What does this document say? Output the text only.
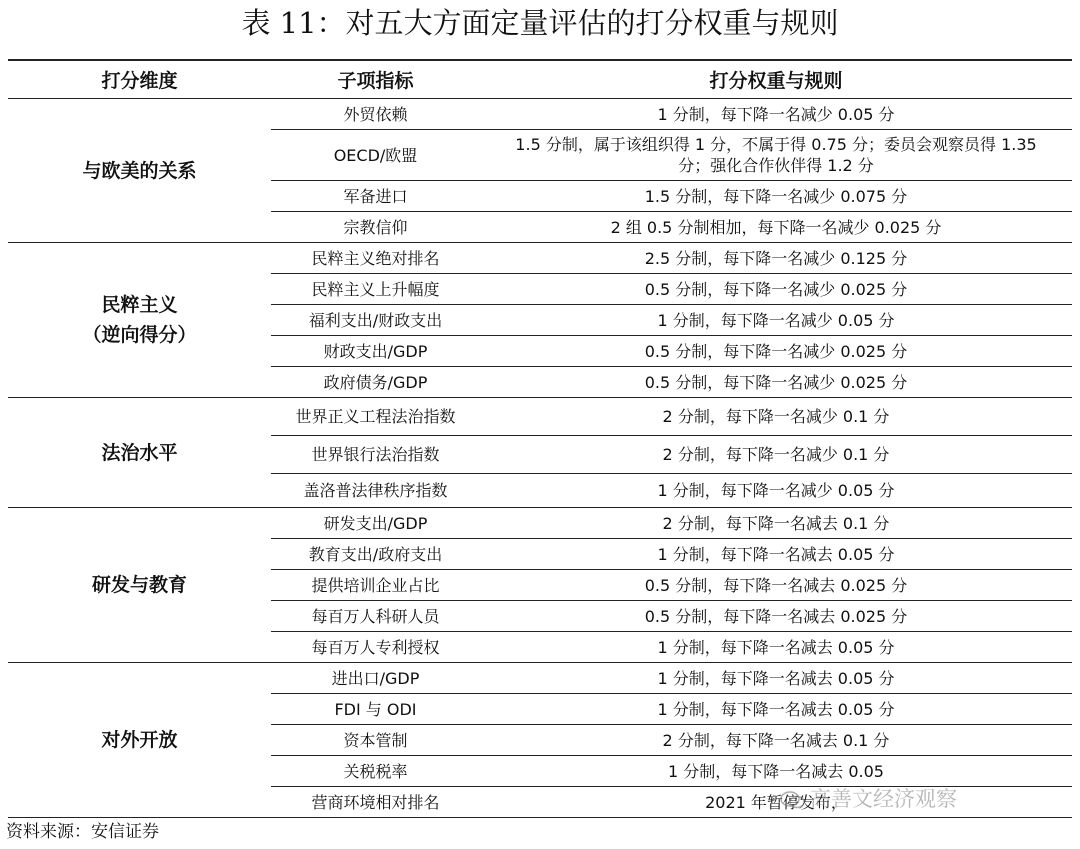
表 11：对五大方面定量评估的打分权重与规则
打分维度	子项指标	打分权重与规则

与欧美的关系	外贸依赖	1 分制，每下降一名减少 0.05 分
	OECD/欧盟	1.5 分制，属于该组织得 1 分，不属于得 0.75 分；委员会观察员得 1.35 分；强化合作伙伴得 1.2 分
	军备进口	1.5 分制，每下降一名减少 0.075 分
	宗教信仰	2 组 0.5 分制相加，每下降一名减少 0.025 分

民粹主义
（逆向得分）	民粹主义绝对排名	2.5 分制，每下降一名减少 0.125 分
	民粹主义上升幅度	0.5 分制，每下降一名减少 0.025 分
	福利支出/财政支出	1 分制，每下降一名减少 0.05 分
	财政支出/GDP	0.5 分制，每下降一名减少 0.025 分
	政府债务/GDP	0.5 分制，每下降一名减少 0.025 分

法治水平	世界正义工程法治指数	2 分制，每下降一名减少 0.1 分
	世界银行法治指数	2 分制，每下降一名减少 0.1 分
	盖洛普法律秩序指数	1 分制，每下降一名减少 0.05 分

研发与教育	研发支出/GDP	2 分制，每下降一名减去 0.1 分
	教育支出/政府支出	1 分制，每下降一名减去 0.05 分
	提供培训企业占比	0.5 分制，每下降一名减去 0.025 分
	每百万人科研人员	0.5 分制，每下降一名减去 0.025 分
	每百万人专利授权	1 分制，每下降一名减去 0.05 分

对外开放	进出口/GDP	1 分制，每下降一名减去 0.05 分
	FDI 与 ODI	1 分制，每下降一名减去 0.05 分
	资本管制	2 分制，每下降一名减去 0.1 分
	关税税率	1 分制，每下降一名减去 0.05
	营商环境相对排名	2021 年暂停发布，
资料来源：安信证券
高善文经济观察
